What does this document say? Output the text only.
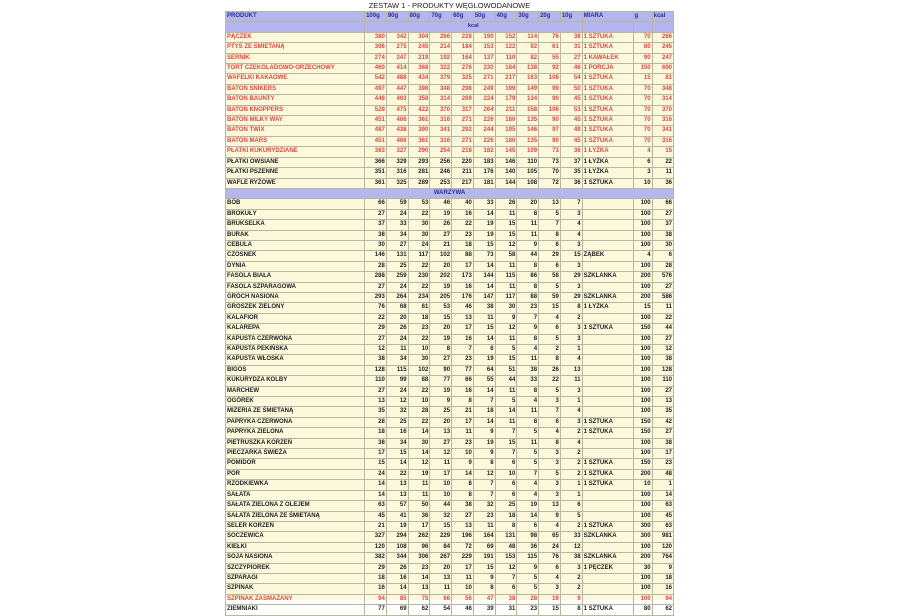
ZESTAW 1 - PRODUKTY WĘGLOWODANOWE
PRODUKT	100g	90g	80g	70g	60g	50g	40g	30g	20g	10g	MIARA	g	kcal
	kcal												
PĄCZEK	380	342	304	266	228	190	152	114	76	38	1 SZTUKA	70	266
PTYŚ ZE ŚMIETANĄ	306	275	245	214	184	153	122	92	61	31	1 SZTUKA	80	245
SERNIK	274	247	219	192	164	137	110	82	55	27	1 KAWAŁEK	90	247
TORT CZEKOLADOWO-ORZECHOWY	460	414	368	322	276	230	184	138	92	46	1 PORCJA	150	690
WAFELKI KAKAOWE	542	488	434	379	325	271	217	163	108	54	1 SZTUKA	15	81
BATON SNIKERS	497	447	398	348	298	249	199	149	99	50	1 SZTUKA	70	348
BATON BAUNTY	448	403	358	314	269	224	179	134	90	45	1 SZTUKA	70	314
BATON KNOPPERS	528	475	422	370	317	264	211	158	106	53	1 SZTUKA	70	370
BATON MILKY WAY	451	406	361	316	271	226	180	135	90	45	1 SZTUKA	70	316
BATON TWIX	487	438	390	341	292	244	195	146	97	49	1 SZTUKA	70	341
BATON MARS	451	406	361	316	271	226	180	135	90	45	1 SZTUKA	70	316
PŁATKI KUKURYDZIANE	363	327	290	254	218	182	145	109	73	36	1 ŁYŻKA	4	15
PŁATKI OWSIANE	366	329	293	256	220	183	146	110	73	37	1 ŁYŻKA	6	22
PŁATKI PSZENNE	351	316	281	246	211	176	140	105	70	35	1 ŁYŻKA	3	11
WAFLE RYŻOWE	361	325	289	253	217	181	144	108	72	36	1 SZTUKA	10	36
WARZYWA													
BÓB	66	59	53	46	40	33	26	20	13	7		100	66
BROKUŁY	27	24	22	19	16	14	11	8	5	3		100	27
BRUKSELKA	37	33	30	26	22	19	15	11	7	4		100	37
BURAK	38	34	30	27	23	19	15	11	8	4		100	38
CEBULA	30	27	24	21	18	15	12	9	6	3		100	30
CZOSNEK	146	131	117	102	88	73	58	44	29	15	ZĄBEK	4	6
DYNIA	28	25	22	20	17	14	11	8	6	3		100	28
FASOLA BIAŁA	288	259	230	202	173	144	115	86	58	29	SZKLANKA	200	576
FASOLA SZPARAGOWA	27	24	22	19	16	14	11	8	5	3		100	27
GROCH NASIONA	293	264	234	205	176	147	117	88	59	29	SZKLANKA	200	586
GROSZEK ZIELONY	76	68	61	53	46	38	30	23	15	8	1 ŁYŻKA	15	11
KALAFIOR	22	20	18	15	13	11	9	7	4	2		100	22
KALAREPA	29	26	23	20	17	15	12	9	6	3	1 SZTUKA	150	44
KAPUSTA CZERWONA	27	24	22	19	16	14	11	8	5	3		100	27
KAPUSTA PEKIŃSKA	12	11	10	8	7	6	5	4	2	1		100	12
KAPUSTA WŁOSKA	38	34	30	27	23	19	15	11	8	4		100	38
BIGOS	128	115	102	90	77	64	51	38	26	13		100	128
KUKURYDZA KOLBY	110	99	88	77	66	55	44	33	22	11		100	110
MARCHEW	27	24	22	19	16	14	11	8	5	3		100	27
OGÓREK	13	12	10	9	8	7	5	4	3	1		100	13
MIZERIA ZE ŚMIETANĄ	35	32	28	25	21	18	14	11	7	4		100	35
PAPRYKA CZERWONA	28	25	22	20	17	14	11	8	6	3	1 SZTUKA	150	42
PAPRYKA ZIELONA	18	16	14	13	11	9	7	5	4	2	1 SZTUKA	150	27
PIETRUSZKA KORZEŃ	38	34	30	27	23	19	15	11	8	4		100	38
PIECZARKA ŚWIEŻA	17	15	14	12	10	9	7	5	3	2		100	17
POMIDOR	15	14	12	11	9	8	6	5	3	2	1 SZTUKA	150	23
POR	24	22	19	17	14	12	10	7	5	2	1 SZTUKA	200	48
RZODKIEWKA	14	13	11	10	8	7	6	4	3	1	1 SZTUKA	10	1
SAŁATA	14	13	11	10	8	7	6	4	3	1		100	14
SAŁATA ZIELONA Z OLEJEM	63	57	50	44	38	32	25	19	13	6		100	63
SAŁATA ZIELONA ZE ŚMIETANĄ	45	41	36	32	27	23	18	14	9	5		100	45
SELER KORZEŃ	21	19	17	15	13	11	8	6	4	2	1 SZTUKA	300	63
SOCZEWICA	327	294	262	229	196	164	131	98	65	33	SZKLANKA	300	981
KIEŁKI	120	108	96	84	72	69	48	36	24	12		100	120
SOJA NASIONA	382	344	306	267	229	191	153	115	76	38	SZKLANKA	200	764
SZCZYPIOREK	29	26	23	20	17	15	12	9	6	3	1 PĘCZEK	30	9
SZPARAGI	18	16	14	13	11	9	7	5	4	2		100	18
SZPINAK	16	14	13	11	10	8	6	5	3	2		100	16
SZPINAK ZASMAŻANY	94	85	75	66	56	47	38	28	19	9		100	94
ZIEMNIAKI	77	69	62	54	46	39	31	23	15	8	1 SZTUKA	80	62
